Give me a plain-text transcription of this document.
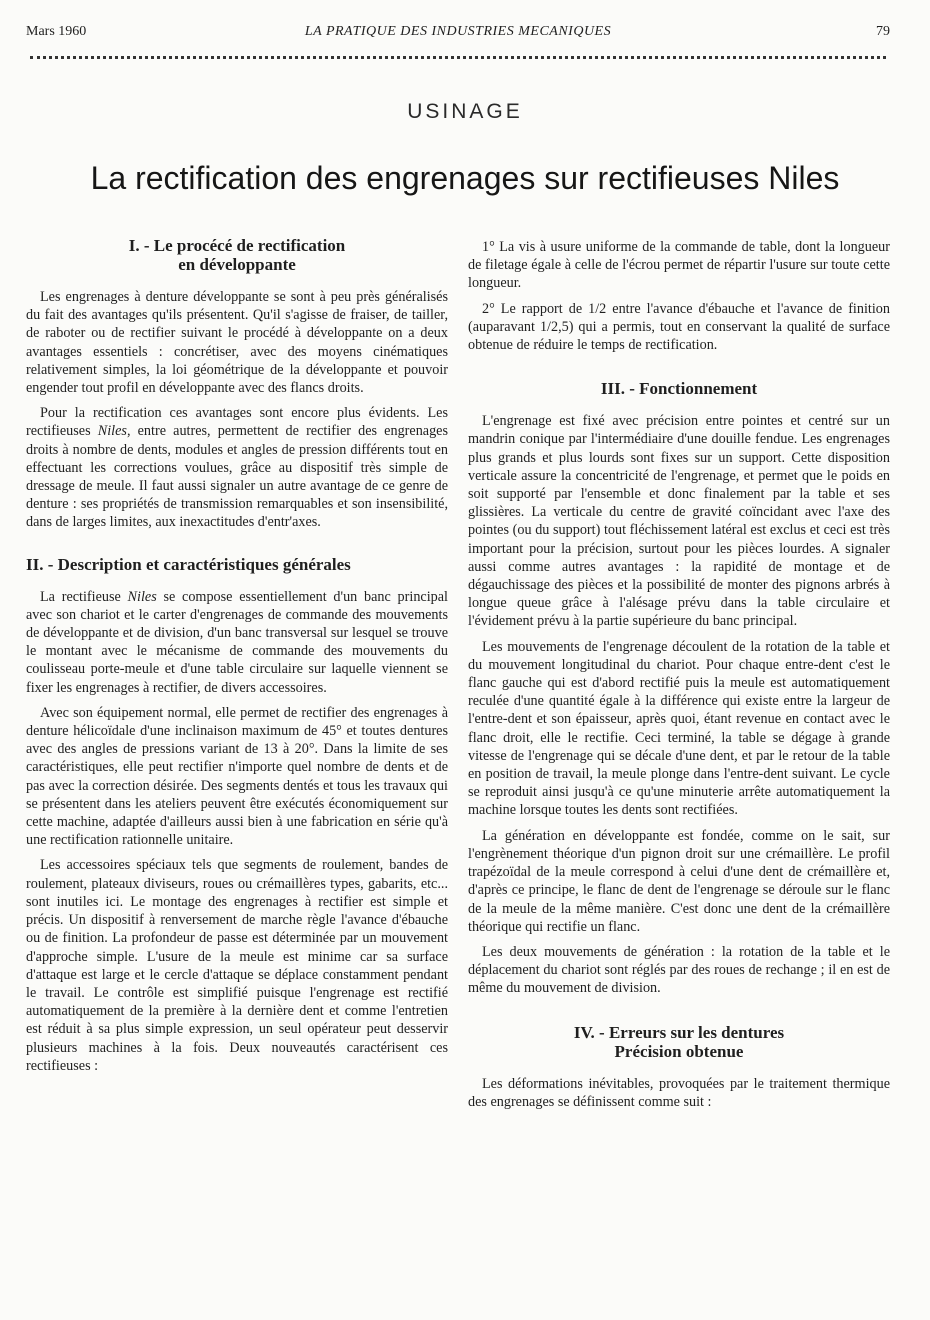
Mars 1960	LA PRATIQUE DES INDUSTRIES MECANIQUES	79
USINAGE
La rectification des engrenages sur rectifieuses Niles
I. - Le procécé de rectification
en développante

Les engrenages à denture développante se sont à peu près généralisés du fait des avantages qu'ils présentent. Qu'il s'agisse de fraiser, de tailler, de raboter ou de rectifier suivant le procédé à développante on a deux avantages essentiels : concrétiser, avec des moyens cinématiques relativement simples, la loi géométrique de la développante et pouvoir engender tout profil en développante avec des flancs droits.

Pour la rectification ces avantages sont encore plus évidents. Les rectifieuses Niles, entre autres, permettent de rectifier des engrenages droits à nombre de dents, modules et angles de pression différents tout en effectuant les corrections voulues, grâce au dispositif très simple de dressage de meule. Il faut aussi signaler un autre avantage de ce genre de denture : ses propriétés de transmission remarquables et son insensibilité, dans de larges limites, aux inexactitudes d'entr'axes.

II. - Description et caractéristiques générales

La rectifieuse Niles se compose essentiellement d'un banc principal avec son chariot et le carter d'engrenages de commande des mouvements de développante et de division, d'un banc transversal sur lesquel se trouve le montant avec le mécanisme de commande des mouvements du coulisseau porte-meule et d'une table circulaire sur laquelle viennent se fixer les engrenages à rectifier, de divers accessoires.

Avec son équipement normal, elle permet de rectifier des engrenages à denture hélicoïdale d'une inclinaison maximum de 45° et toutes dentures avec des angles de pressions variant de 13 à 20°. Dans la limite de ses caractéristiques, elle peut rectifier n'importe quel nombre de dents et de pas avec la correction désirée. Des segments dentés et tous les travaux qui se présentent dans les ateliers peuvent être exécutés économiquement sur cette machine, adaptée d'ailleurs aussi bien à une fabrication en série qu'à une rectification rationnelle unitaire.

Les accessoires spéciaux tels que segments de roulement, bandes de roulement, plateaux diviseurs, roues ou crémaillères types, gabarits, etc... sont inutiles ici. Le montage des engrenages à rectifier est simple et précis. Un dispositif à renversement de marche règle l'avance d'ébauche ou de finition. La profondeur de passe est déterminée par un mouvement d'approche simple. L'usure de la meule est minime car sa surface d'attaque est large et le cercle d'attaque se déplace constamment pendant le travail. Le contrôle est simplifié puisque l'engrenage est rectifié automatiquement de la première à la dernière dent et comme l'entretien est réduit à sa plus simple expression, un seul opérateur peut desservir plusieurs machines à la fois. Deux nouveautés caractérisent ces rectifieuses :

1° La vis à usure uniforme de la commande de table, dont la longueur de filetage égale à celle de l'écrou permet de répartir l'usure sur toute cette longueur.

2° Le rapport de 1/2 entre l'avance d'ébauche et l'avance de finition (auparavant 1/2,5) qui a permis, tout en conservant la qualité de surface obtenue de réduire le temps de rectification.

III. - Fonctionnement

L'engrenage est fixé avec précision entre pointes et centré sur un mandrin conique par l'intermédiaire d'une douille fendue. Les engrenages plus grands et plus lourds sont fixes sur un support. Cette disposition verticale assure la concentricité de l'engrenage, et permet que le poids en soit supporté par l'ensemble et donc finalement par la table et ses glissières. La verticale du centre de gravité coïncidant avec l'axe des pointes (ou du support) tout fléchissement latéral est exclus et ceci est très important pour la précision, surtout pour les pièces lourdes. A signaler aussi comme autres avantages : la rapidité de montage et de dégauchissage des pièces et la possibilité de monter des pignons arbrés à longue queue grâce à l'alésage prévu dans la table circulaire et l'évidement prévu à la partie supérieure du banc principal.

Les mouvements de l'engrenage découlent de la rotation de la table et du mouvement longitudinal du chariot. Pour chaque entre-dent c'est le flanc gauche qui est d'abord rectifié puis la meule est automatiquement reculée d'une quantité égale à la différence qui existe entre la largeur de l'entre-dent et son épaisseur, après quoi, étant revenue en contact avec le flanc droit, elle le rectifie. Ceci terminé, la table se dégage à grande vitesse de l'engrenage qui se décale d'une dent, et par le retour de la table en position de travail, la meule plonge dans l'entre-dent suivant. Le cycle se reproduit ainsi jusqu'à ce qu'une minuterie arrête automatiquement la machine lorsque toutes les dents sont rectifiées.

La génération en développante est fondée, comme on le sait, sur l'engrènement théorique d'un pignon droit sur une crémaillère. Le profil trapézoïdal de la meule correspond à celui d'une dent de crémaillère et, d'après ce principe, le flanc de dent de l'engrenage se déroule sur le flanc de la meule de la même manière. C'est donc une dent de la crémaillère théorique qui rectifie un flanc.

Les deux mouvements de génération : la rotation de la table et le déplacement du chariot sont réglés par des roues de rechange ; il en est de même du mouvement de division.

IV. - Erreurs sur les dentures
Précision obtenue

Les déformations inévitables, provoquées par le traitement thermique des engrenages se définissent comme suit :
